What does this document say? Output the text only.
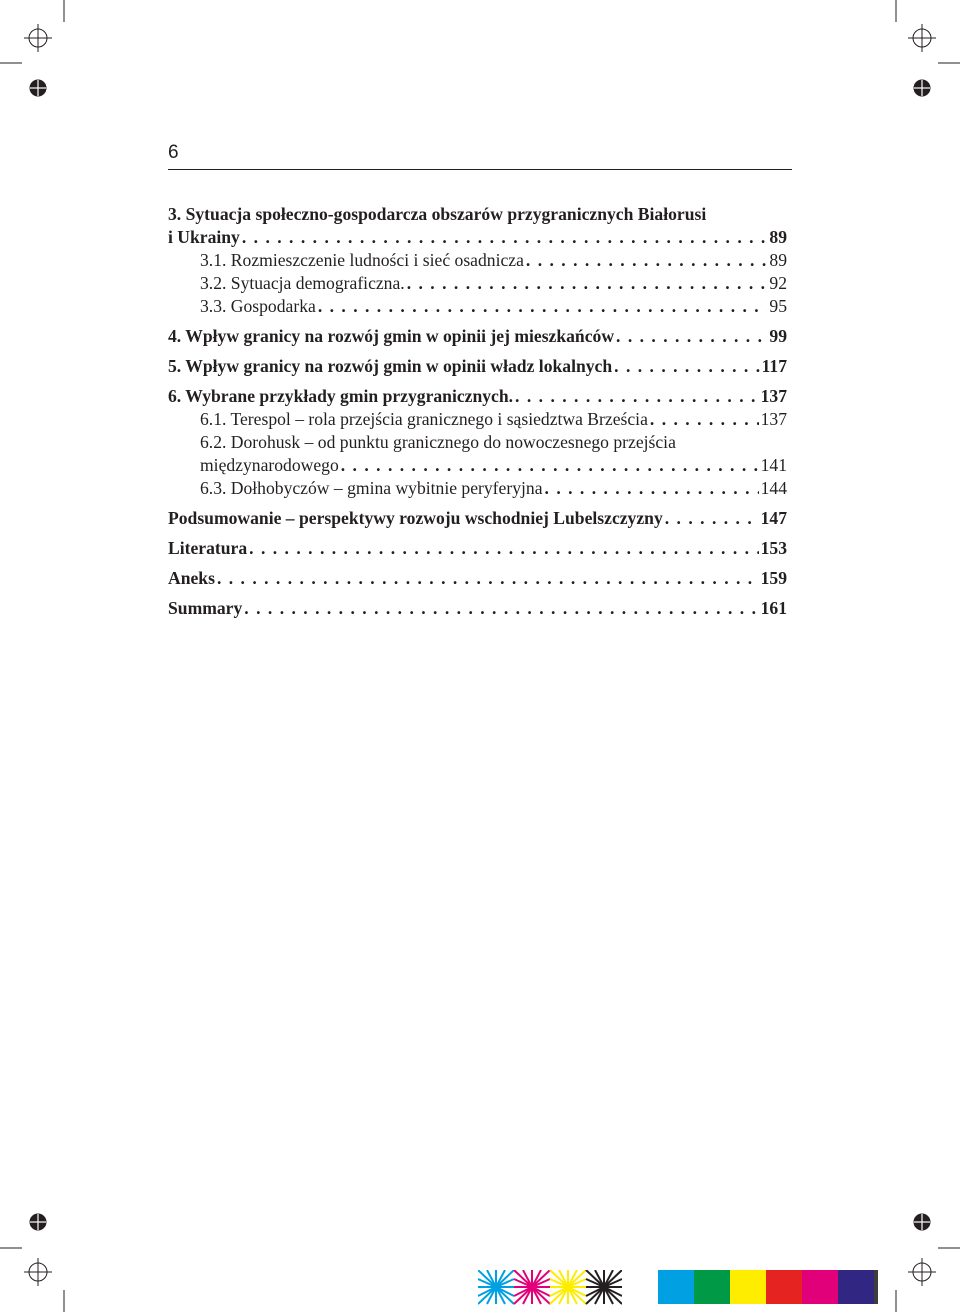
6
3. Sytuacja społeczno-gospodarcza obszarów przygranicznych Białorusi
i Ukrainy . . .	89
3.1. Rozmieszczenie ludności i sieć osadnicza . . .	89
3.2. Sytuacja demograficzna. . . .	92
3.3. Gospodarka . . .	95
4. Wpływ granicy na rozwój gmin w opinii jej mieszkańców . . .	99
5. Wpływ granicy na rozwój gmin w opinii władz lokalnych . . .	117
6. Wybrane przykłady gmin przygranicznych. . . .	137
6.1. Terespol – rola przejścia granicznego i sąsiedztwa Brześcia . . .	137
6.2. Dorohusk – od punktu granicznego do nowoczesnego przejścia
międzynarodowego . . .	141
6.3. Dołhobyczów – gmina wybitnie peryferyjna . . .	144
Podsumowanie – perspektywy rozwoju wschodniej Lubelszczyzny . . .	147
Literatura . . .	153
Aneks . . .	159
Summary . . .	161
